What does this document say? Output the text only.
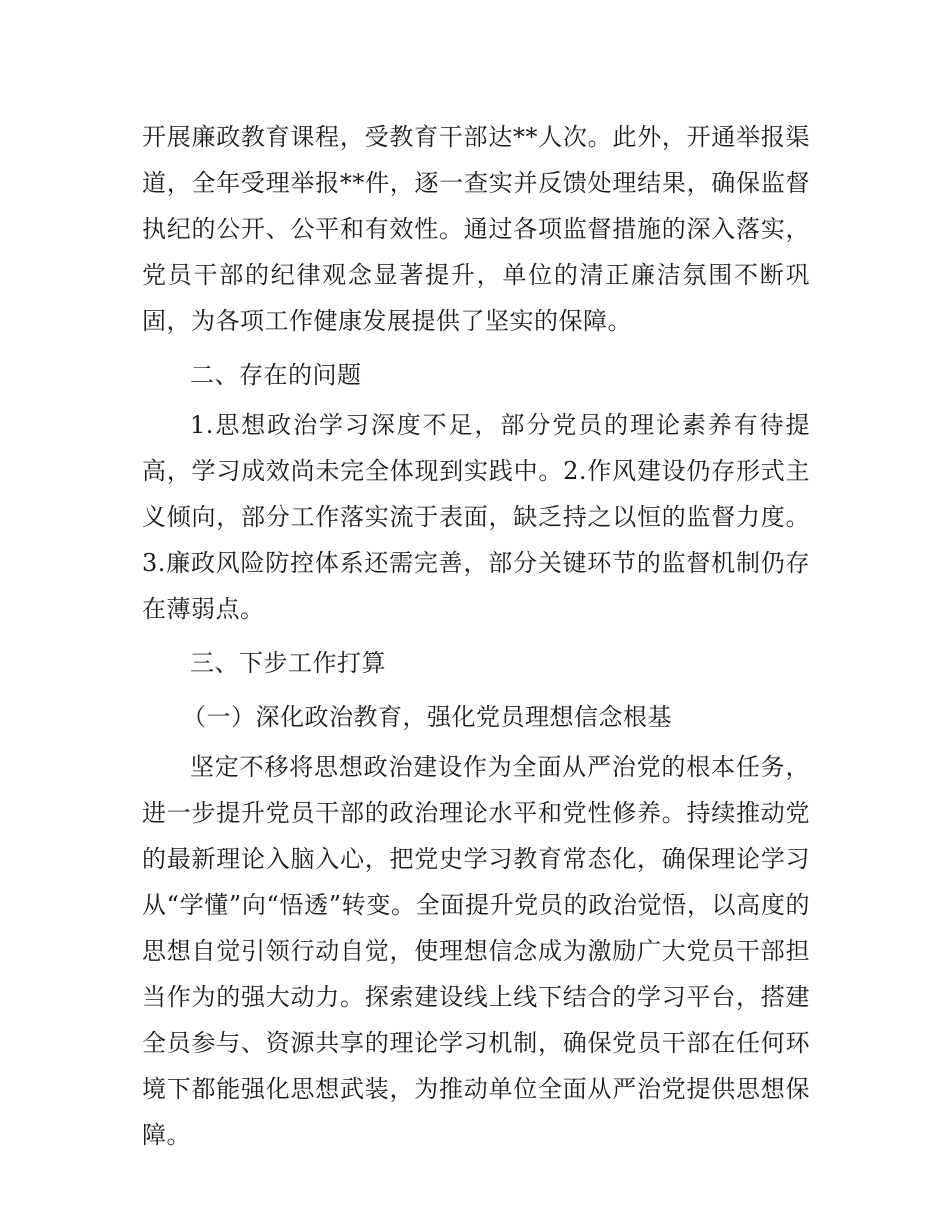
开展廉政教育课程，受教育干部达**人次。此外，开通举报渠道，全年受理举报**件，逐一查实并反馈处理结果，确保监督执纪的公开、公平和有效性。通过各项监督措施的深入落实，党员干部的纪律观念显著提升，单位的清正廉洁氛围不断巩固，为各项工作健康发展提供了坚实的保障。

二、存在的问题

1.思想政治学习深度不足，部分党员的理论素养有待提高，学习成效尚未完全体现到实践中。2.作风建设仍存形式主义倾向，部分工作落实流于表面，缺乏持之以恒的监督力度。3.廉政风险防控体系还需完善，部分关键环节的监督机制仍存在薄弱点。

三、下步工作打算

（一）深化政治教育，强化党员理想信念根基

坚定不移将思想政治建设作为全面从严治党的根本任务，进一步提升党员干部的政治理论水平和党性修养。持续推动党的最新理论入脑入心，把党史学习教育常态化，确保理论学习从“学懂”向“悟透”转变。全面提升党员的政治觉悟，以高度的思想自觉引领行动自觉，使理想信念成为激励广大党员干部担当作为的强大动力。探索建设线上线下结合的学习平台，搭建全员参与、资源共享的理论学习机制，确保党员干部在任何环境下都能强化思想武装，为推动单位全面从严治党提供思想保障。
